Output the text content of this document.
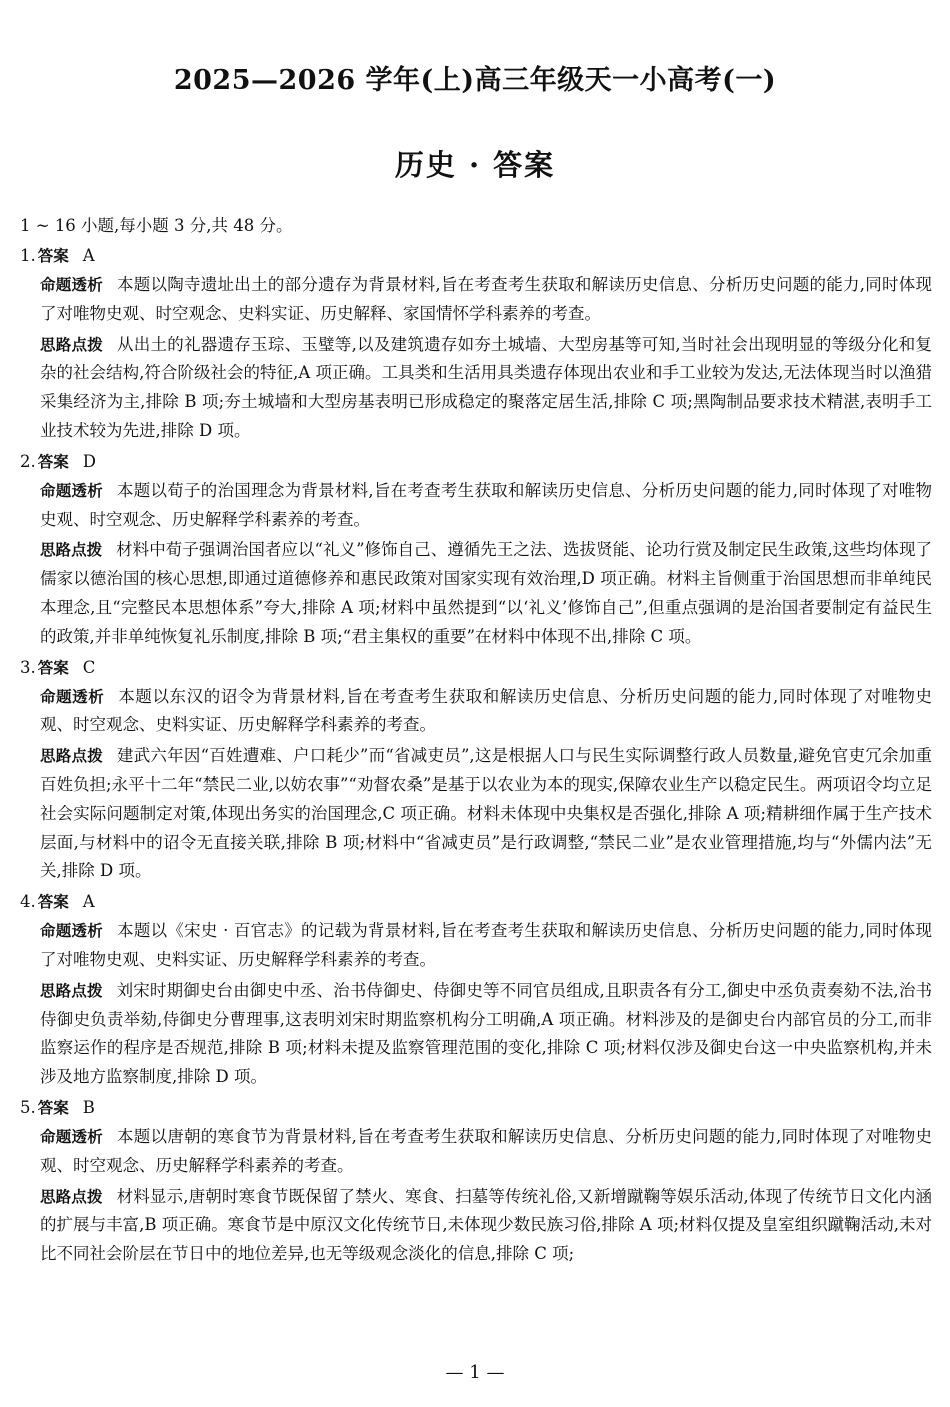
2025—2026 学年(上)高三年级天一小高考(一)
历史 · 答案
1 ~ 16 小题,每小题 3 分,共 48 分。
1. 答案 A
命题透析 本题以陶寺遗址出土的部分遗存为背景材料,旨在考查考生获取和解读历史信息、分析历史问题的能力,同时体现了对唯物史观、时空观念、史料实证、历史解释、家国情怀学科素养的考查。
思路点拨 从出土的礼器遗存玉琮、玉璧等,以及建筑遗存如夯土城墙、大型房基等可知,当时社会出现明显的等级分化和复杂的社会结构,符合阶级社会的特征,A 项正确。工具类和生活用具类遗存体现出农业和手工业较为发达,无法体现当时以渔猎采集经济为主,排除 B 项;夯土城墙和大型房基表明已形成稳定的聚落定居生活,排除 C 项;黑陶制品要求技术精湛,表明手工业技术较为先进,排除 D 项。
2. 答案 D
命题透析 本题以荀子的治国理念为背景材料,旨在考查考生获取和解读历史信息、分析历史问题的能力,同时体现了对唯物史观、时空观念、历史解释学科素养的考查。
思路点拨 材料中荀子强调治国者应以“礼义”修饰自己、遵循先王之法、选拔贤能、论功行赏及制定民生政策,这些均体现了儒家以德治国的核心思想,即通过道德修养和惠民政策对国家实现有效治理,D 项正确。材料主旨侧重于治国思想而非单纯民本理念,且“完整民本思想体系”夸大,排除 A 项;材料中虽然提到“以‘礼义’修饰自己”,但重点强调的是治国者要制定有益民生的政策,并非单纯恢复礼乐制度,排除 B 项;“君主集权的重要”在材料中体现不出,排除 C 项。
3. 答案 C
命题透析 本题以东汉的诏令为背景材料,旨在考查考生获取和解读历史信息、分析历史问题的能力,同时体现了对唯物史观、时空观念、史料实证、历史解释学科素养的考查。
思路点拨 建武六年因“百姓遭难、户口耗少”而“省减吏员”,这是根据人口与民生实际调整行政人员数量,避免官吏冗余加重百姓负担;永平十二年“禁民二业,以妨农事”“劝督农桑”是基于以农业为本的现实,保障农业生产以稳定民生。两项诏令均立足社会实际问题制定对策,体现出务实的治国理念,C 项正确。材料未体现中央集权是否强化,排除 A 项;精耕细作属于生产技术层面,与材料中的诏令无直接关联,排除 B 项;材料中“省减吏员”是行政调整,“禁民二业”是农业管理措施,均与“外儒内法”无关,排除 D 项。
4. 答案 A
命题透析 本题以《宋史 · 百官志》的记载为背景材料,旨在考查考生获取和解读历史信息、分析历史问题的能力,同时体现了对唯物史观、史料实证、历史解释学科素养的考查。
思路点拨 刘宋时期御史台由御史中丞、治书侍御史、侍御史等不同官员组成,且职责各有分工,御史中丞负责奏劾不法,治书侍御史负责举劾,侍御史分曹理事,这表明刘宋时期监察机构分工明确,A 项正确。材料涉及的是御史台内部官员的分工,而非监察运作的程序是否规范,排除 B 项;材料未提及监察管理范围的变化,排除 C 项;材料仅涉及御史台这一中央监察机构,并未涉及地方监察制度,排除 D 项。
5. 答案 B
命题透析 本题以唐朝的寒食节为背景材料,旨在考查考生获取和解读历史信息、分析历史问题的能力,同时体现了对唯物史观、时空观念、历史解释学科素养的考查。
思路点拨 材料显示,唐朝时寒食节既保留了禁火、寒食、扫墓等传统礼俗,又新增蹴鞠等娱乐活动,体现了传统节日文化内涵的扩展与丰富,B 项正确。寒食节是中原汉文化传统节日,未体现少数民族习俗,排除 A 项;材料仅提及皇室组织蹴鞠活动,未对比不同社会阶层在节日中的地位差异,也无等级观念淡化的信息,排除 C 项;
— 1 —
